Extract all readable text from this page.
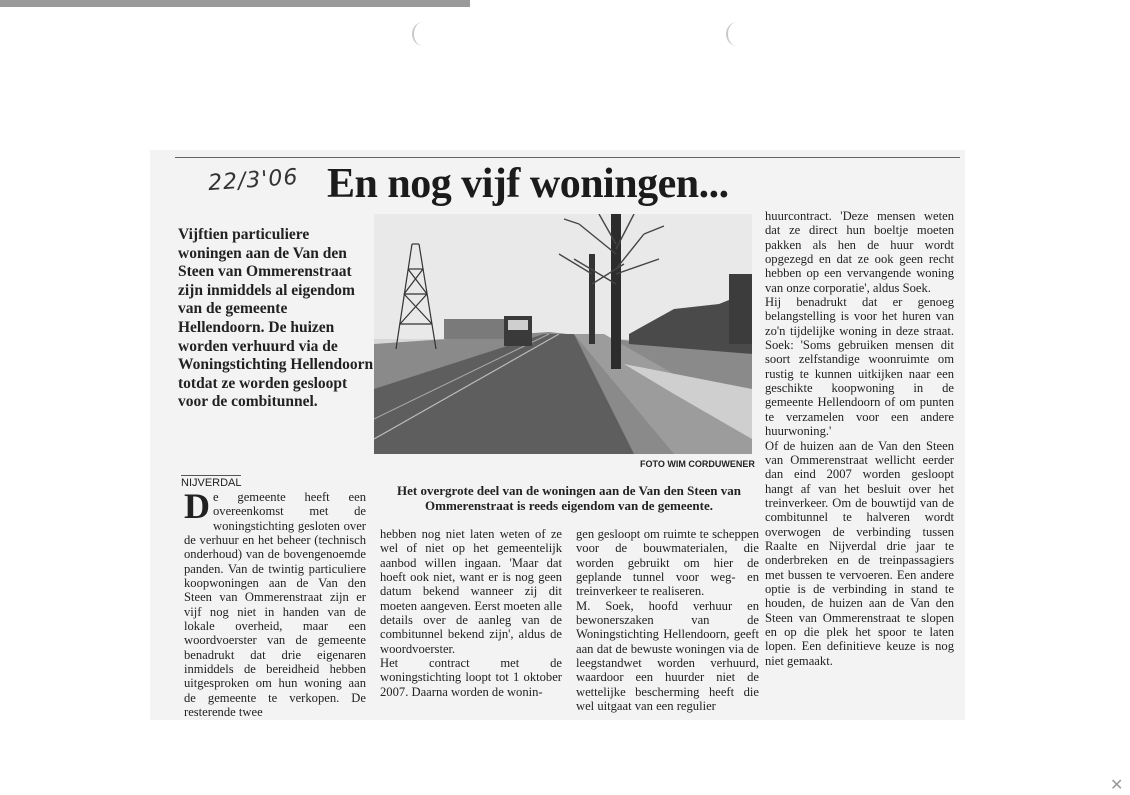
22/3'06 En nog vijf woningen...
Vijftien particuliere woningen aan de Van den Steen van Ommerenstraat zijn inmiddels al eigendom van de gemeente Hellendoorn. De huizen worden verhuurd via de Woningstichting Hellendoorn totdat ze worden gesloopt voor de combitunnel.
FOTO WIM CORDUWENER
Het overgrote deel van de woningen aan de Van den Steen van Ommerenstraat is reeds eigendom van de gemeente.
NIJVERDAL
De gemeente heeft een overeenkomst met de woningstichting gesloten over de verhuur en het beheer (technisch onderhoud) van de bovengenoemde panden. Van de twintig particuliere koopwoningen aan de Van den Steen van Ommerenstraat zijn er vijf nog niet in handen van de lokale overheid, maar een woordvoerster van de gemeente benadrukt dat drie eigenaren inmiddels de bereidheid hebben uitgesproken om hun woning aan de gemeente te verkopen. De resterende twee

hebben nog niet laten weten of ze wel of niet op het gemeentelijk aanbod willen ingaan. 'Maar dat hoeft ook niet, want er is nog geen datum bekend wanneer zij dit moeten aangeven. Eerst moeten alle details over de aanleg van de combitunnel bekend zijn', aldus de woordvoerster.

Het contract met de woningstichting loopt tot 1 oktober 2007. Daarna worden de wonin-

gen gesloopt om ruimte te scheppen voor de bouwmaterialen, die worden gebruikt om hier de geplande tunnel voor weg- en treinverkeer te realiseren.

M. Soek, hoofd verhuur en bewonerszaken van de Woningstichting Hellendoorn, geeft aan dat de bewuste woningen via de leegstandwet worden verhuurd, waardoor een huurder niet de wettelijke bescherming heeft die wel uitgaat van een regulier

huurcontract. 'Deze mensen weten dat ze direct hun boeltje moeten pakken als hen de huur wordt opgezegd en dat ze ook geen recht hebben op een vervangende woning van onze corporatie', aldus Soek.

Hij benadrukt dat er genoeg belangstelling is voor het huren van zo'n tijdelijke woning in deze straat. Soek: 'Soms gebruiken mensen dit soort zelfstandige woonruimte om rustig te kunnen uitkijken naar een geschikte koopwoning in de gemeente Hellendoorn of om punten te verzamelen voor een andere huurwoning.'

Of de huizen aan de Van den Steen van Ommerenstraat wellicht eerder dan eind 2007 worden gesloopt hangt af van het besluit over het treinverkeer. Om de bouwtijd van de combitunnel te halveren wordt overwogen de verbinding tussen Raalte en Nijverdal drie jaar te onderbreken en de treinpassagiers met bussen te vervoeren. Een andere optie is de verbinding in stand te houden, de huizen aan de Van den Steen van Ommerenstraat te slopen en op die plek het spoor te laten lopen. Een definitieve keuze is nog niet gemaakt.

✕
